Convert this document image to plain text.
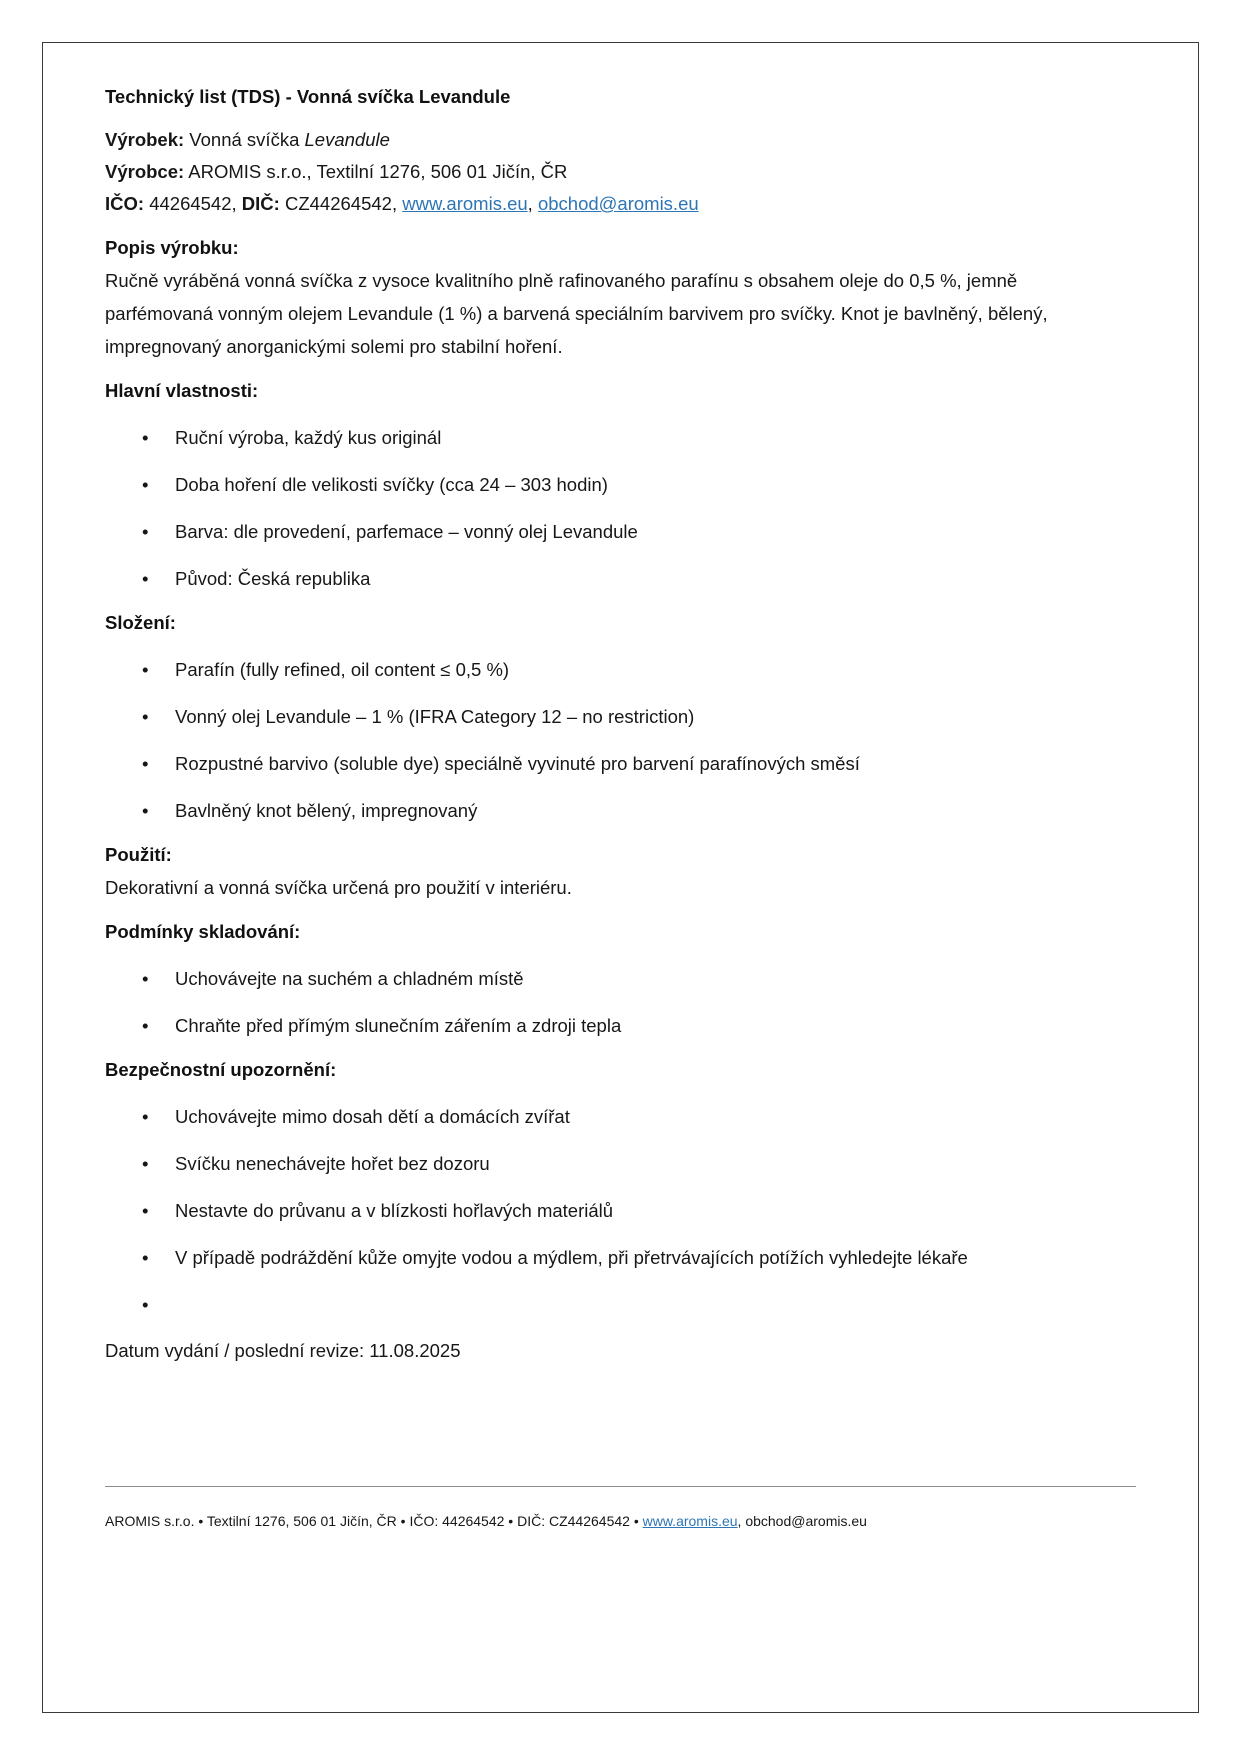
Technický list (TDS) - Vonná svíčka Levandule

Výrobek: Vonná svíčka Levandule

Výrobce: AROMIS s.r.o., Textilní 1276, 506 01 Jičín, ČR

IČO: 44264542, DIČ: CZ44264542, www.aromis.eu, obchod@aromis.eu

Popis výrobku:

Ručně vyráběná vonná svíčka z vysoce kvalitního plně rafinovaného parafínu s obsahem oleje do 0,5 %, jemně parfémovaná vonným olejem Levandule (1 %) a barvená speciálním barvivem pro svíčky. Knot je bavlněný, bělený, impregnovaný anorganickými solemi pro stabilní hoření.

Hlavní vlastnosti:

• Ruční výroba, každý kus originál
• Doba hoření dle velikosti svíčky (cca 24 – 303 hodin)
• Barva: dle provedení, parfemace – vonný olej Levandule
• Původ: Česká republika

Složení:

• Parafín (fully refined, oil content ≤ 0,5 %)
• Vonný olej Levandule – 1 % (IFRA Category 12 – no restriction)
• Rozpustné barvivo (soluble dye) speciálně vyvinuté pro barvení parafínových směsí
• Bavlněný knot bělený, impregnovaný

Použití:

Dekorativní a vonná svíčka určená pro použití v interiéru.

Podmínky skladování:

• Uchovávejte na suchém a chladném místě
• Chraňte před přímým slunečním zářením a zdroji tepla

Bezpečnostní upozornění:

• Uchovávejte mimo dosah dětí a domácích zvířat
• Svíčku nenechávejte hořet bez dozoru
• Nestavte do průvanu a v blízkosti hořlavých materiálů
• V případě podráždění kůže omyjte vodou a mýdlem, při přetrvávajících potížích vyhledejte lékaře
•

Datum vydání / poslední revize: 11.08.2025

AROMIS s.r.o. • Textilní 1276, 506 01 Jičín, ČR • IČO: 44264542 • DIČ: CZ44264542 • www.aromis.eu, obchod@aromis.eu
